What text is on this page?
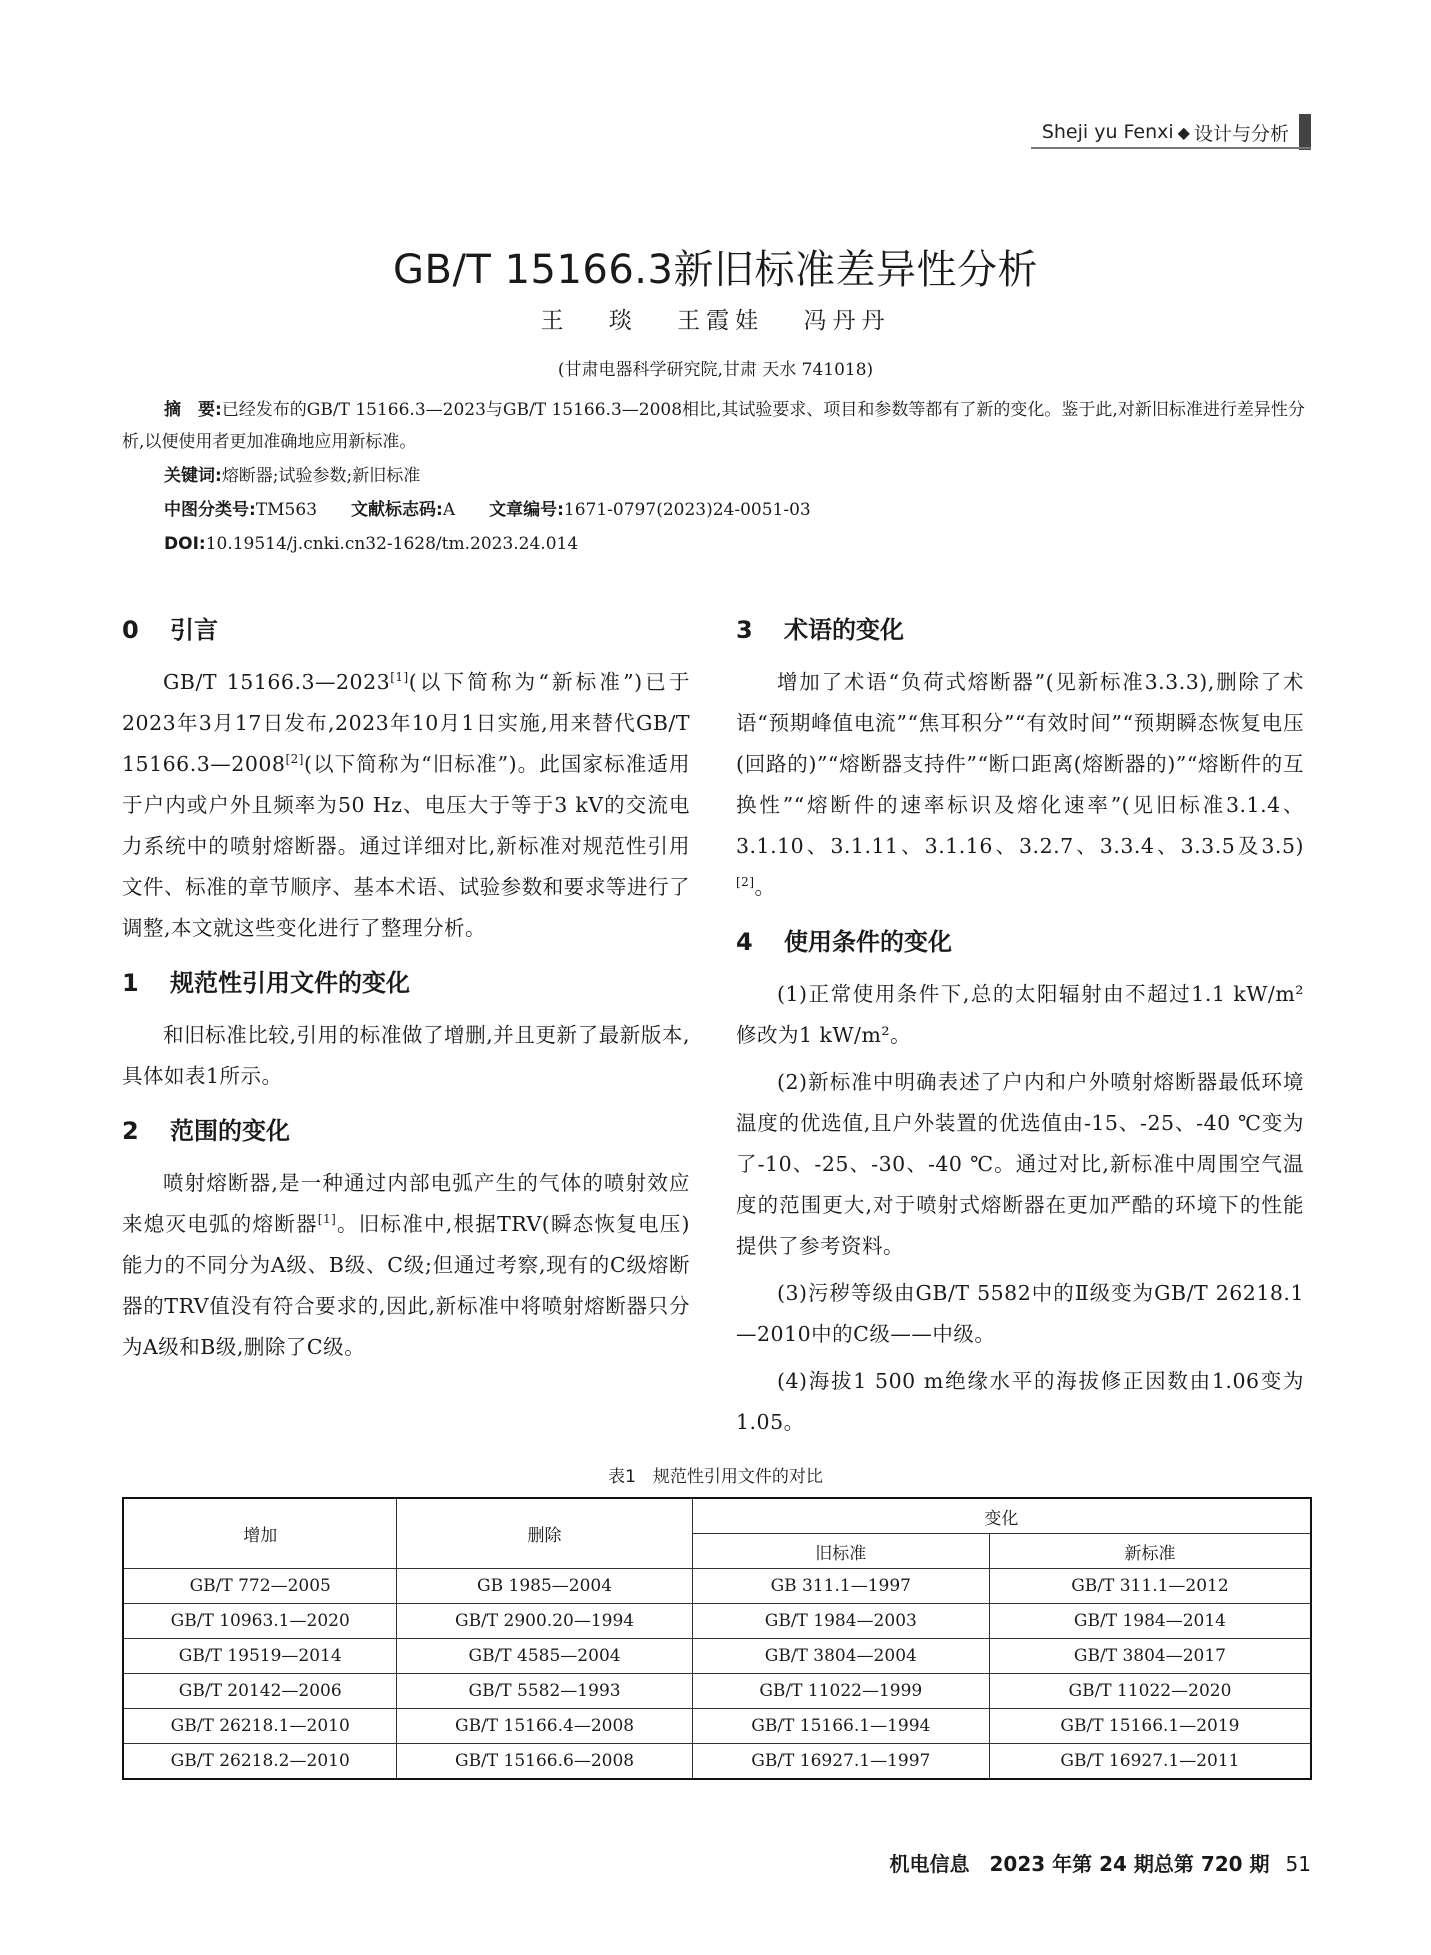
Sheji yu Fenxi ◆ 设计与分析
GB/T 15166.3新旧标准差异性分析
王 琰 王霞娃 冯丹丹
(甘肃电器科学研究院,甘肃 天水 741018)
摘　要:已经发布的GB/T 15166.3—2023与GB/T 15166.3—2008相比,其试验要求、项目和参数等都有了新的变化。鉴于此,对新旧标准进行差异性分析,以便使用者更加准确地应用新标准。
关键词:熔断器;试验参数;新旧标准
中图分类号:TM563 文献标志码:A 文章编号:1671-0797(2023)24-0051-03
DOI:10.19514/j.cnki.cn32-1628/tm.2023.24.014
0 引言

GB/T 15166.3—2023[1](以下简称为“新标准”)已于2023年3月17日发布,2023年10月1日实施,用来替代GB/T 15166.3—2008[2](以下简称为“旧标准”)。此国家标准适用于户内或户外且频率为50 Hz、电压大于等于3 kV的交流电力系统中的喷射熔断器。通过详细对比,新标准对规范性引用文件、标准的章节顺序、基本术语、试验参数和要求等进行了调整,本文就这些变化进行了整理分析。

1 规范性引用文件的变化

和旧标准比较,引用的标准做了增删,并且更新了最新版本,具体如表1所示。

2 范围的变化

喷射熔断器,是一种通过内部电弧产生的气体的喷射效应来熄灭电弧的熔断器[1]。旧标准中,根据TRV(瞬态恢复电压)能力的不同分为A级、B级、C级;但通过考察,现有的C级熔断器的TRV值没有符合要求的,因此,新标准中将喷射熔断器只分为A级和B级,删除了C级。

3 术语的变化

增加了术语“负荷式熔断器”(见新标准3.3.3),删除了术语“预期峰值电流”“焦耳积分”“有效时间”“预期瞬态恢复电压(回路的)”“熔断器支持件”“断口距离(熔断器的)”“熔断件的互换性”“熔断件的速率标识及熔化速率”(见旧标准3.1.4、3.1.10、3.1.11、3.1.16、3.2.7、3.3.4、3.3.5及3.5)[2]。

4 使用条件的变化

(1)正常使用条件下,总的太阳辐射由不超过1.1 kW/m²修改为1 kW/m²。

(2)新标准中明确表述了户内和户外喷射熔断器最低环境温度的优选值,且户外装置的优选值由-15、-25、-40 ℃变为了-10、-25、-30、-40 ℃。通过对比,新标准中周围空气温度的范围更大,对于喷射式熔断器在更加严酷的环境下的性能提供了参考资料。

(3)污秽等级由GB/T 5582中的Ⅱ级变为GB/T 26218.1—2010中的C级——中级。

(4)海拔1 500 m绝缘水平的海拔修正因数由1.06变为1.05。

表1　规范性引用文件的对比
增加	删除	变化	
		旧标准	新标准
GB/T 772—2005	GB 1985—2004	GB 311.1—1997	GB/T 311.1—2012
GB/T 10963.1—2020	GB/T 2900.20—1994	GB/T 1984—2003	GB/T 1984—2014
GB/T 19519—2014	GB/T 4585—2004	GB/T 3804—2004	GB/T 3804—2017
GB/T 20142—2006	GB/T 5582—1993	GB/T 11022—1999	GB/T 11022—2020
GB/T 26218.1—2010	GB/T 15166.4—2008	GB/T 15166.1—1994	GB/T 15166.1—2019
GB/T 26218.2—2010	GB/T 15166.6—2008	GB/T 16927.1—1997	GB/T 16927.1—2011
机电信息　2023 年第 24 期总第 720 期 51
